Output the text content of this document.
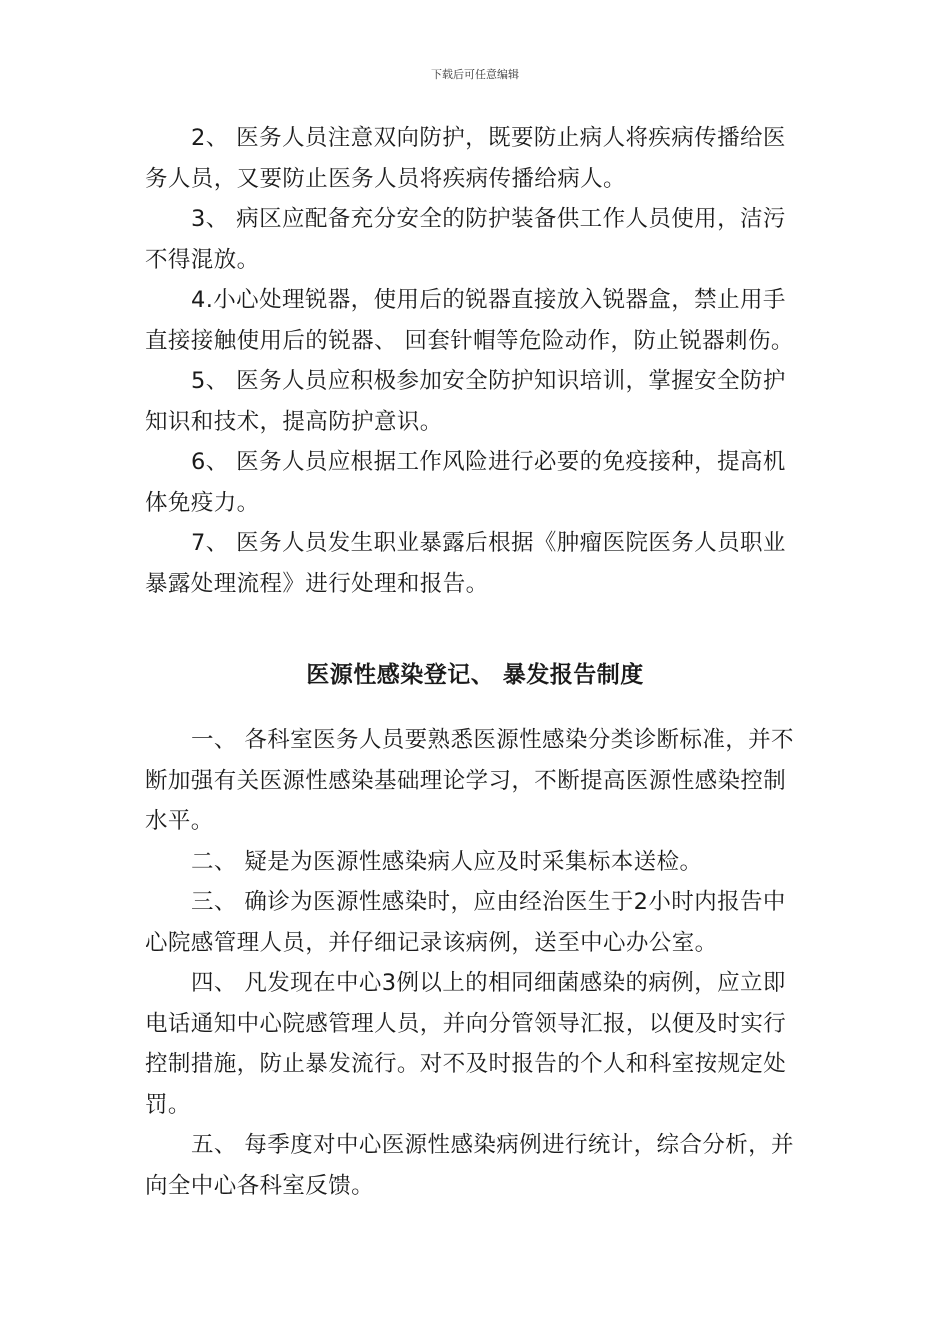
下载后可任意编辑

2、 医务人员注意双向防护，既要防止病人将疾病传播给医务人员，又要防止医务人员将疾病传播给病人。

3、 病区应配备充分安全的防护装备供工作人员使用，洁污不得混放。

4.小心处理锐器，使用后的锐器直接放入锐器盒，禁止用手直接接触使用后的锐器、 回套针帽等危险动作，防止锐器刺伤。

5、 医务人员应积极参加安全防护知识培训，掌握安全防护知识和技术，提高防护意识。

6、 医务人员应根据工作风险进行必要的免疫接种，提高机体免疫力。

7、 医务人员发生职业暴露后根据《肿瘤医院医务人员职业暴露处理流程》进行处理和报告。

医源性感染登记、 暴发报告制度

一、 各科室医务人员要熟悉医源性感染分类诊断标准，并不断加强有关医源性感染基础理论学习，不断提高医源性感染控制水平。

二、 疑是为医源性感染病人应及时采集标本送检。

三、 确诊为医源性感染时，应由经治医生于2小时内报告中心院感管理人员，并仔细记录该病例，送至中心办公室。

四、 凡发现在中心3例以上的相同细菌感染的病例，应立即电话通知中心院感管理人员，并向分管领导汇报，以便及时实行控制措施，防止暴发流行。对不及时报告的个人和科室按规定处罚。

五、 每季度对中心医源性感染病例进行统计，综合分析，并向全中心各科室反馈。
